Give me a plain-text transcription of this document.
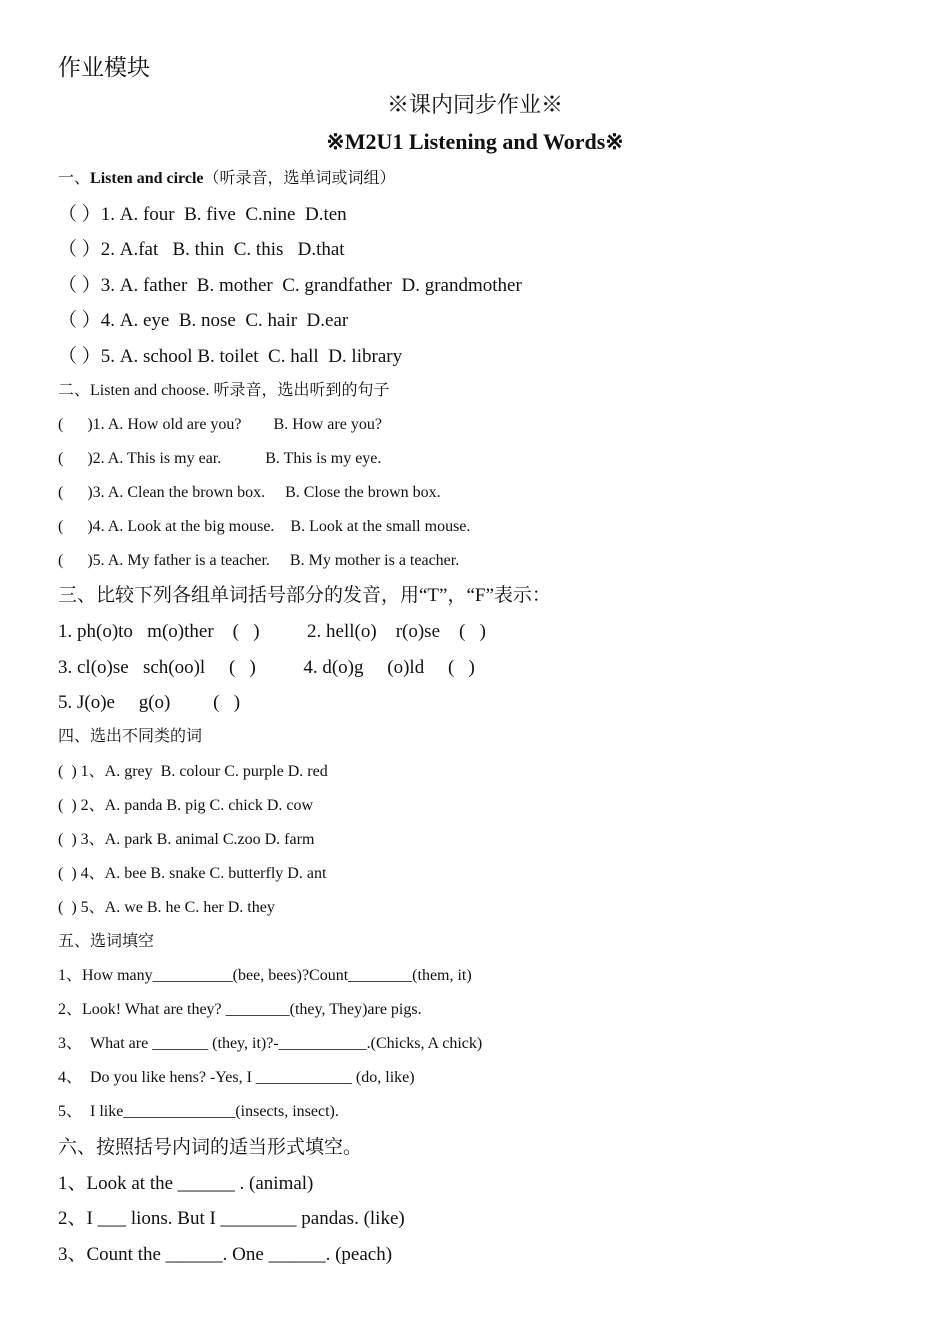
作业模块
※课内同步作业※
※M2U1 Listening and Words※
一、Listen and circle（听录音，选单词或词组）
（ ）1. A. four  B. five  C.nine  D.ten
（ ）2. A.fat   B. thin  C. this   D.that
（ ）3. A. father  B. mother  C. grandfather  D. grandmother
（ ）4. A. eye  B. nose  C. hair  D.ear
（ ）5. A. school B. toilet  C. hall  D. library
二、Listen and choose. 听录音，选出听到的句子
(      )1. A. How old are you?        B. How are you?
(      )2. A. This is my ear.           B. This is my eye.
(      )3. A. Clean the brown box.     B. Close the brown box.
(      )4. A. Look at the big mouse.    B. Look at the small mouse.
(      )5. A. My father is a teacher.     B. My mother is a teacher.
三、比较下列各组单词括号部分的发音，用“T”，“F”表示：
1. ph(o)to   m(o)ther    (   )          2. hell(o)    r(o)se    (   )
3. cl(o)se   sch(oo)l     (   )          4. d(o)g     (o)ld     (   )
5. J(o)e     g(o)         (   )
四、选出不同类的词
(  ) 1、A. grey  B. colour C. purple D. red
(  ) 2、A. panda B. pig C. chick D. cow
(  ) 3、A. park B. animal C.zoo D. farm
(  ) 4、A. bee B. snake C. butterfly D. ant
(  ) 5、A. we B. he C. her D. they
五、选词填空
1、How many__________(bee, bees)?Count________(them, it)
2、Look! What are they? ________(they, They)are pigs.
3、  What are _______ (they, it)?-___________.(Chicks, A chick)
4、  Do you like hens? -Yes, I ____________ (do, like)
5、  I like______________(insects, insect).
六、按照括号内词的适当形式填空。
1、Look at the ______ . (animal)
2、I ___ lions. But I ________ pandas. (like)
3、Count the ______. One ______. (peach)
